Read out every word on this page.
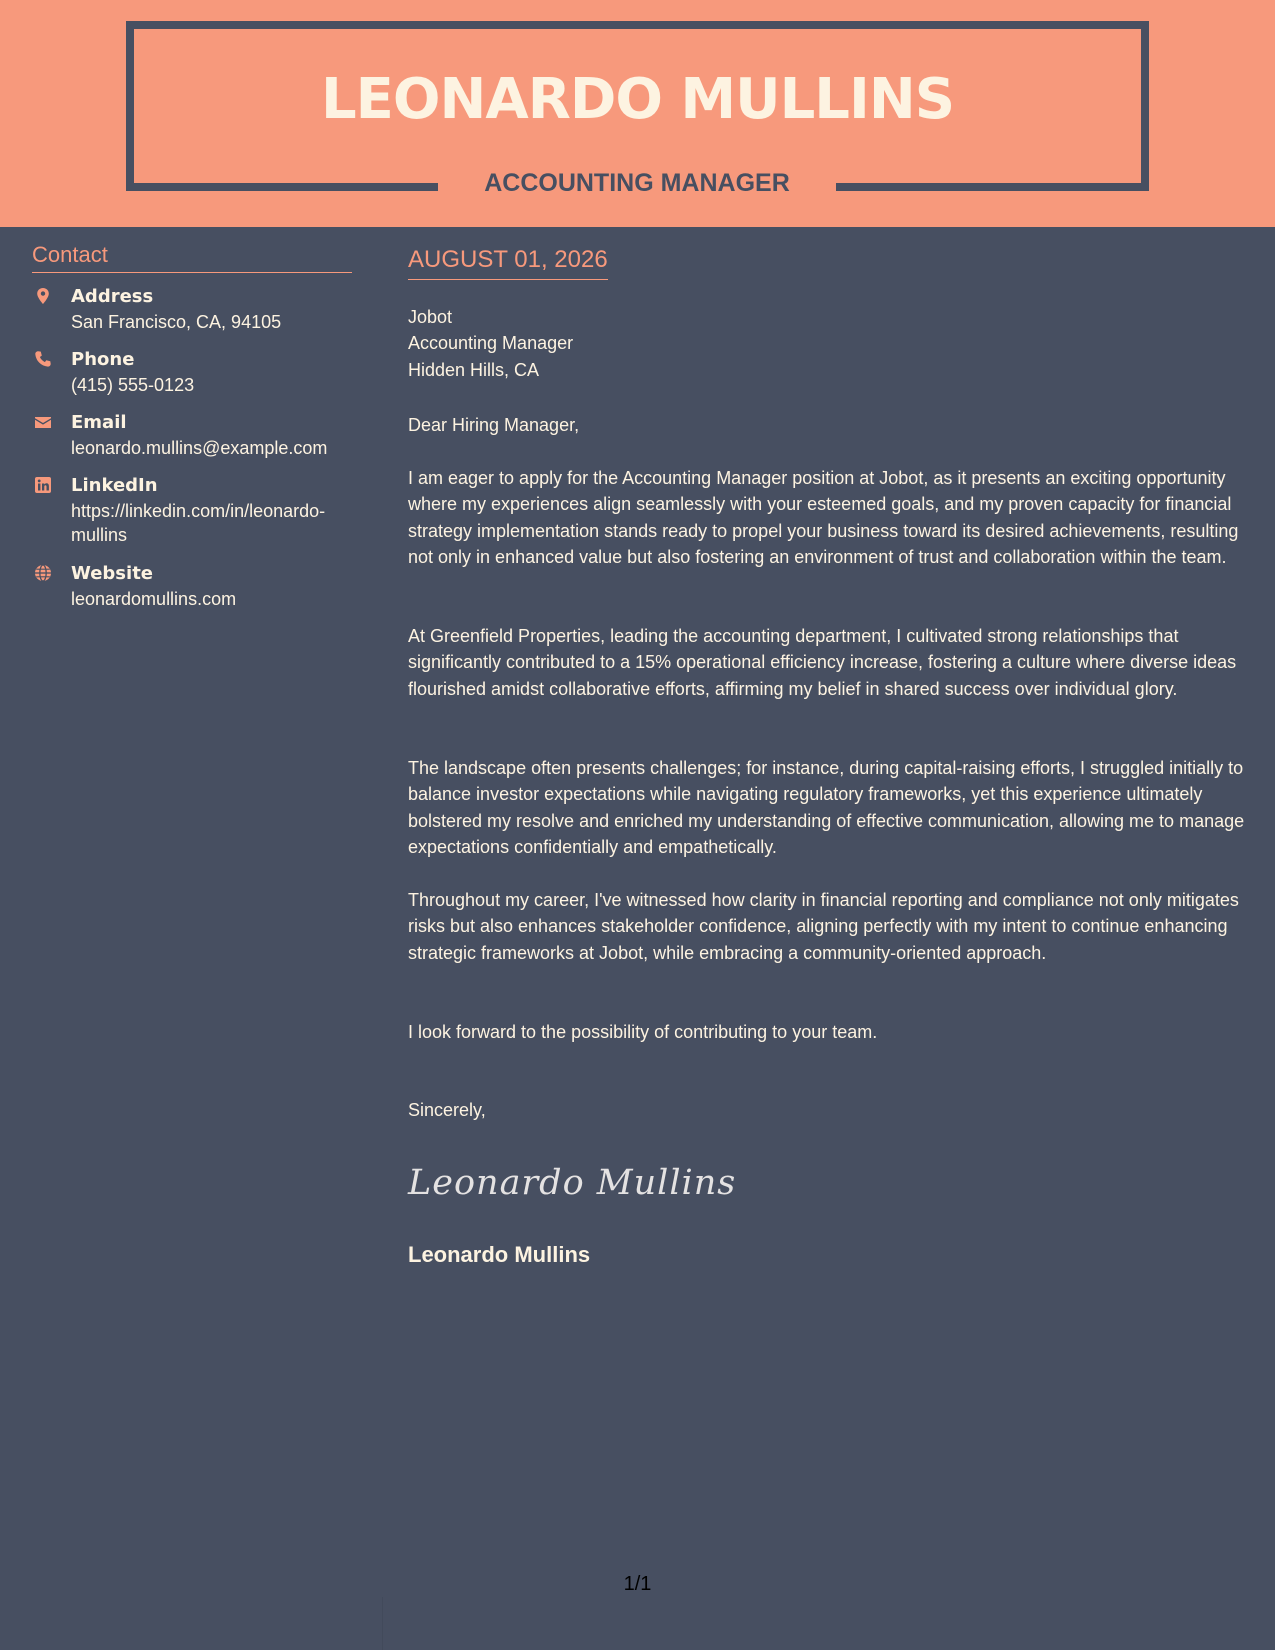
LEONARDO MULLINS
ACCOUNTING MANAGER
Contact
Address
San Francisco, CA, 94105
Phone
(415) 555-0123
Email
leonardo.mullins@example.com
LinkedIn
https://linkedin.com/in/leonardo-mullins
Website
leonardomullins.com
AUGUST 01, 2026
Jobot
Accounting Manager
Hidden Hills, CA

Dear Hiring Manager,

I am eager to apply for the Accounting Manager position at Jobot, as it presents an exciting opportunity where my experiences align seamlessly with your esteemed goals, and my proven capacity for financial strategy implementation stands ready to propel your business toward its desired achievements, resulting not only in enhanced value but also fostering an environment of trust and collaboration within the team.

At Greenfield Properties, leading the accounting department, I cultivated strong relationships that significantly contributed to a 15% operational efficiency increase, fostering a culture where diverse ideas flourished amidst collaborative efforts, affirming my belief in shared success over individual glory.

The landscape often presents challenges; for instance, during capital-raising efforts, I struggled initially to balance investor expectations while navigating regulatory frameworks, yet this experience ultimately bolstered my resolve and enriched my understanding of effective communication, allowing me to manage expectations confidentially and empathetically.

Throughout my career, I've witnessed how clarity in financial reporting and compliance not only mitigates risks but also enhances stakeholder confidence, aligning perfectly with my intent to continue enhancing strategic frameworks at Jobot, while embracing a community-oriented approach.

I look forward to the possibility of contributing to your team.

Sincerely,

Leonardo Mullins

Leonardo Mullins

1/1
